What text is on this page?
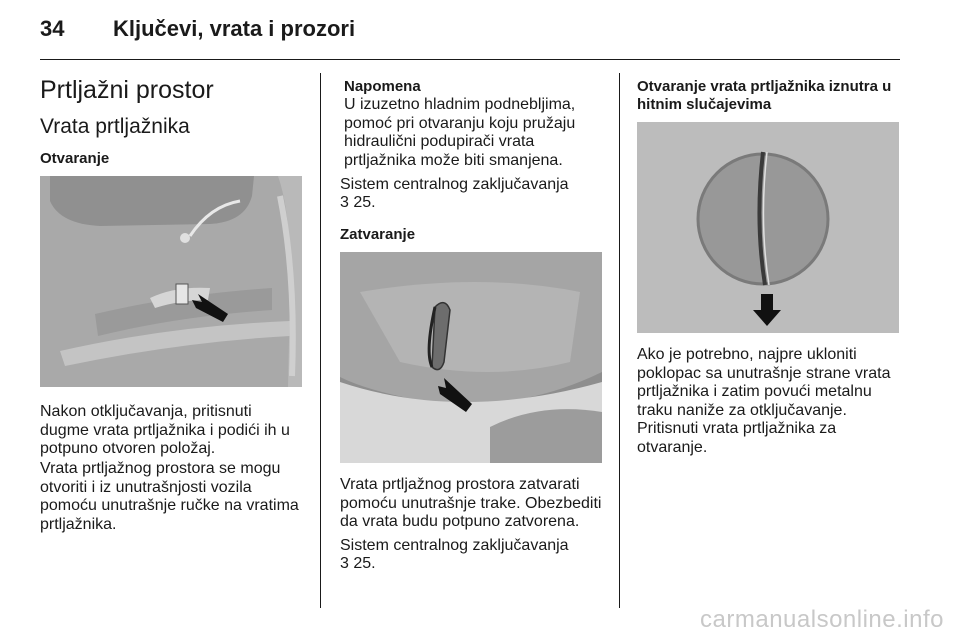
34 Ključevi, vrata i prozori
Prtljažni prostor
Vrata prtljažnika
Otvaranje
Nakon otključavanja, pritisnuti dugme vrata prtljažnika i podići ih u potpuno otvoren položaj.
Vrata prtljažnog prostora se mogu otvoriti i iz unutrašnjosti vozila pomoću unutrašnje ručke na vratima prtljažnika.
Napomena
U izuzetno hladnim podnebljima, pomoć pri otvaranju koju pružaju hidraulični podupirači vrata prtljažnika može biti smanjena.
Sistem centralnog zaključavanja
3 25.
Zatvaranje
Vrata prtljažnog prostora zatvarati pomoću unutrašnje trake. Obezbediti da vrata budu potpuno zatvorena.
Sistem centralnog zaključavanja
3 25.
Otvaranje vrata prtljažnika iznutra u hitnim slučajevima
Ako je potrebno, najpre ukloniti poklopac sa unutrašnje strane vrata prtljažnika i zatim povući metalnu traku naniže za otključavanje. Pritisnuti vrata prtljažnika za otvaranje.
carmanualsonline.info
